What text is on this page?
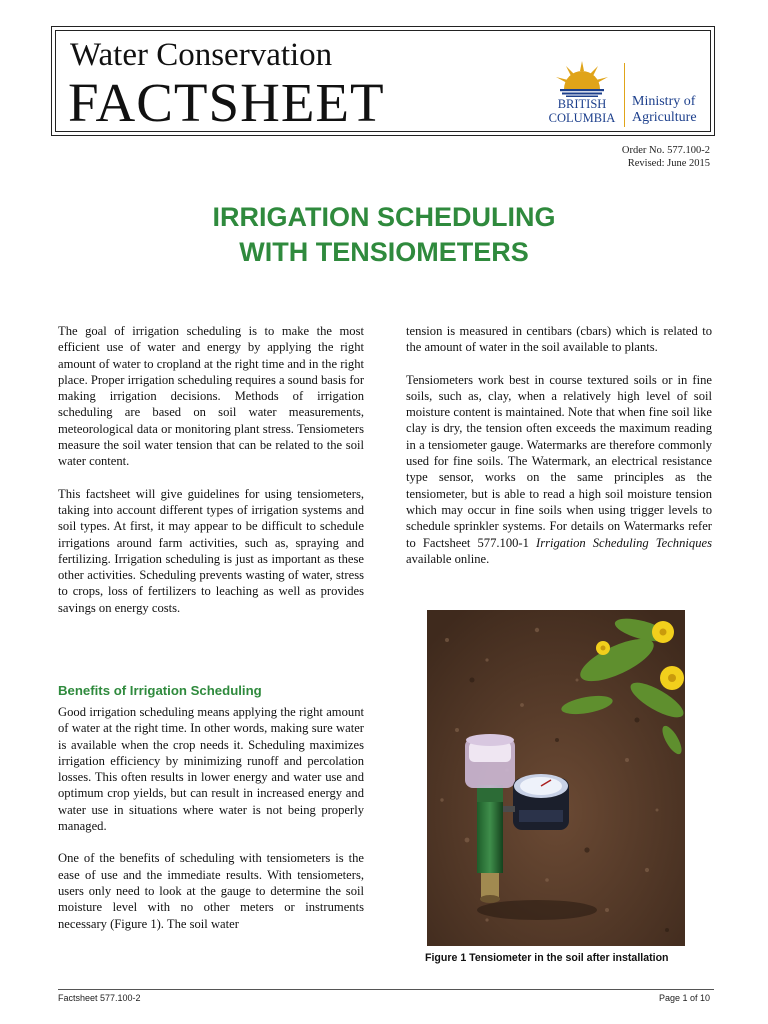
Water Conservation
FACTSHEET	BRITISH
COLUMBIA
Ministry of
Agriculture
Order No. 577.100-2
Revised: June 2015
IRRIGATION SCHEDULING
WITH TENSIOMETERS

The goal of irrigation scheduling is to make the most efficient use of water and energy by applying the right amount of water to cropland at the right time and in the right place. Proper irrigation scheduling requires a sound basis for making irrigation decisions. Methods of irrigation scheduling are based on soil water measurements, meteorological data or monitoring plant stress. Tensiometers measure the soil water tension that can be related to the soil water content.

This factsheet will give guidelines for using tensiometers, taking into account different types of irrigation systems and soil types. At first, it may appear to be difficult to schedule irrigations around farm activities, such as, spraying and fertilizing. Irrigation scheduling is just as important as these other activities. Scheduling prevents wasting of water, stress to crops, loss of fertilizers to leaching as well as provides savings on energy costs.

Benefits of Irrigation Scheduling

Good irrigation scheduling means applying the right amount of water at the right time. In other words, making sure water is available when the crop needs it. Scheduling maximizes irrigation efficiency by minimizing runoff and percolation losses. This often results in lower energy and water use and optimum crop yields, but can result in increased energy and water use in situations where water is not being properly managed.

One of the benefits of scheduling with tensiometers is the ease of use and the immediate results. With tensiometers, users only need to look at the gauge to determine the soil moisture level with no other meters or instruments necessary (Figure 1). The soil water

tension is measured in centibars (cbars) which is related to the amount of water in the soil available to plants.

Tensiometers work best in course textured soils or in fine soils, such as, clay, when a relatively high level of soil moisture content is maintained. Note that when fine soil like clay is dry, the tension often exceeds the maximum reading in a tensiometer gauge. Watermarks are therefore commonly used for fine soils. The Watermark, an electrical resistance type sensor, works on the same principles as the tensiometer, but is able to read a high soil moisture tension which may occur in fine soils when using trigger levels to schedule sprinkler systems. For details on Watermarks refer to Factsheet 577.100-1 Irrigation Scheduling Techniques available online.

Figure 1 Tensiometer in the soil after installation
Factsheet 577.100-2	Page 1 of 10
